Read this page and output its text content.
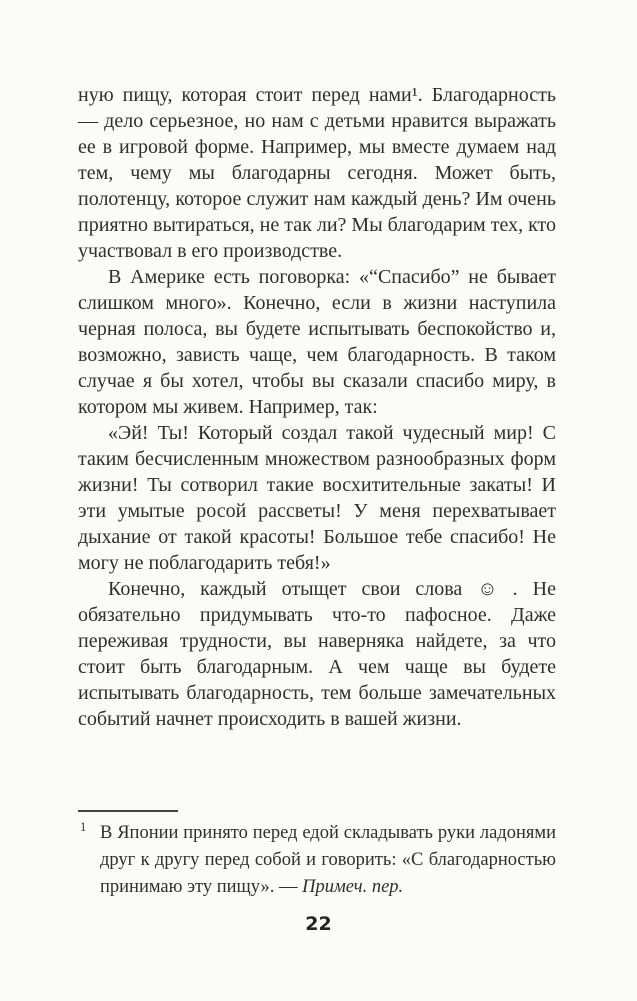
ную пищу, которая стоит перед нами¹. Благодарность — дело серьезное, но нам с детьми нравится выражать ее в игровой форме. Например, мы вместе думаем над тем, чему мы благодарны сегодня. Может быть, полотенцу, которое служит нам каждый день? Им очень приятно вытираться, не так ли? Мы благодарим тех, кто участвовал в его производстве.

В Америке есть поговорка: «“Спасибо” не бывает слишком много». Конечно, если в жизни наступила черная полоса, вы будете испытывать беспокойство и, возможно, зависть чаще, чем благодарность. В таком случае я бы хотел, чтобы вы сказали спасибо миру, в котором мы живем. Например, так:

«Эй! Ты! Который создал такой чудесный мир! С таким бесчисленным множеством разнообразных форм жизни! Ты сотворил такие восхитительные закаты! И эти умытые росой рассветы! У меня перехватывает дыхание от такой красоты! Большое тебе спасибо! Не могу не поблагодарить тебя!»

Конечно, каждый отыщет свои слова ☺ . Не обязательно придумывать что-то пафосное. Даже переживая трудности, вы наверняка найдете, за что стоит быть благодарным. А чем чаще вы будете испытывать благодарность, тем больше замечательных событий начнет происходить в вашей жизни.

1 В Японии принято перед едой складывать руки ладонями друг к другу перед собой и говорить: «С благодарностью принимаю эту пищу». — Примеч. пер.

22
